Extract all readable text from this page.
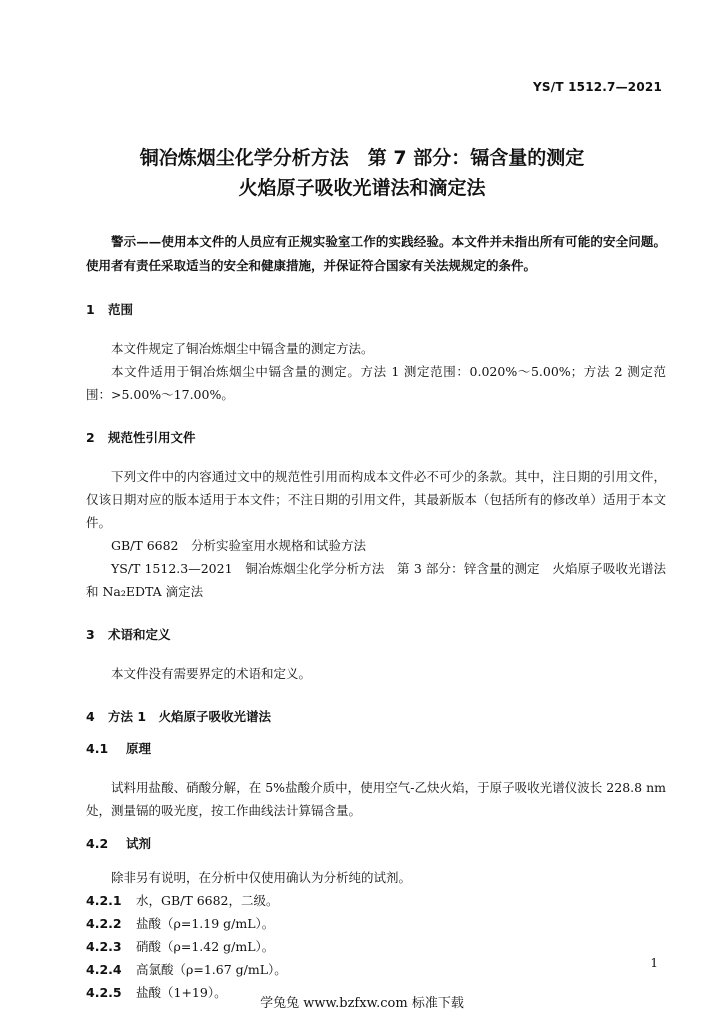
YS/T 1512.7—2021
铜冶炼烟尘化学分析方法　第 7 部分：镉含量的测定
火焰原子吸收光谱法和滴定法

警示——使用本文件的人员应有正规实验室工作的实践经验。本文件并未指出所有可能的安全问题。使用者有责任采取适当的安全和健康措施，并保证符合国家有关法规规定的条件。

1 范围

本文件规定了铜冶炼烟尘中镉含量的测定方法。

本文件适用于铜冶炼烟尘中镉含量的测定。方法 1 测定范围：0.020%～5.00%；方法 2 测定范围：>5.00%～17.00%。

2 规范性引用文件

下列文件中的内容通过文中的规范性引用而构成本文件必不可少的条款。其中，注日期的引用文件，仅该日期对应的版本适用于本文件；不注日期的引用文件，其最新版本（包括所有的修改单）适用于本文件。

GB/T 6682　分析实验室用水规格和试验方法

YS/T 1512.3—2021　铜冶炼烟尘化学分析方法　第 3 部分：锌含量的测定　火焰原子吸收光谱法和 Na₂EDTA 滴定法

3 术语和定义

本文件没有需要界定的术语和定义。

4 方法 1　火焰原子吸收光谱法
4.1 原理

试料用盐酸、硝酸分解，在 5%盐酸介质中，使用空气-乙炔火焰，于原子吸收光谱仪波长 228.8 nm 处，测量镉的吸光度，按工作曲线法计算镉含量。

4.2 试剂

除非另有说明，在分析中仅使用确认为分析纯的试剂。

4.2.1 水，GB/T 6682，二级。

4.2.2 盐酸（ρ=1.19 g/mL）。

4.2.3 硝酸（ρ=1.42 g/mL）。

4.2.4 高氯酸（ρ=1.67 g/mL）。

4.2.5 盐酸（1+19）。

1
学兔兔 www.bzfxw.com 标准下载
